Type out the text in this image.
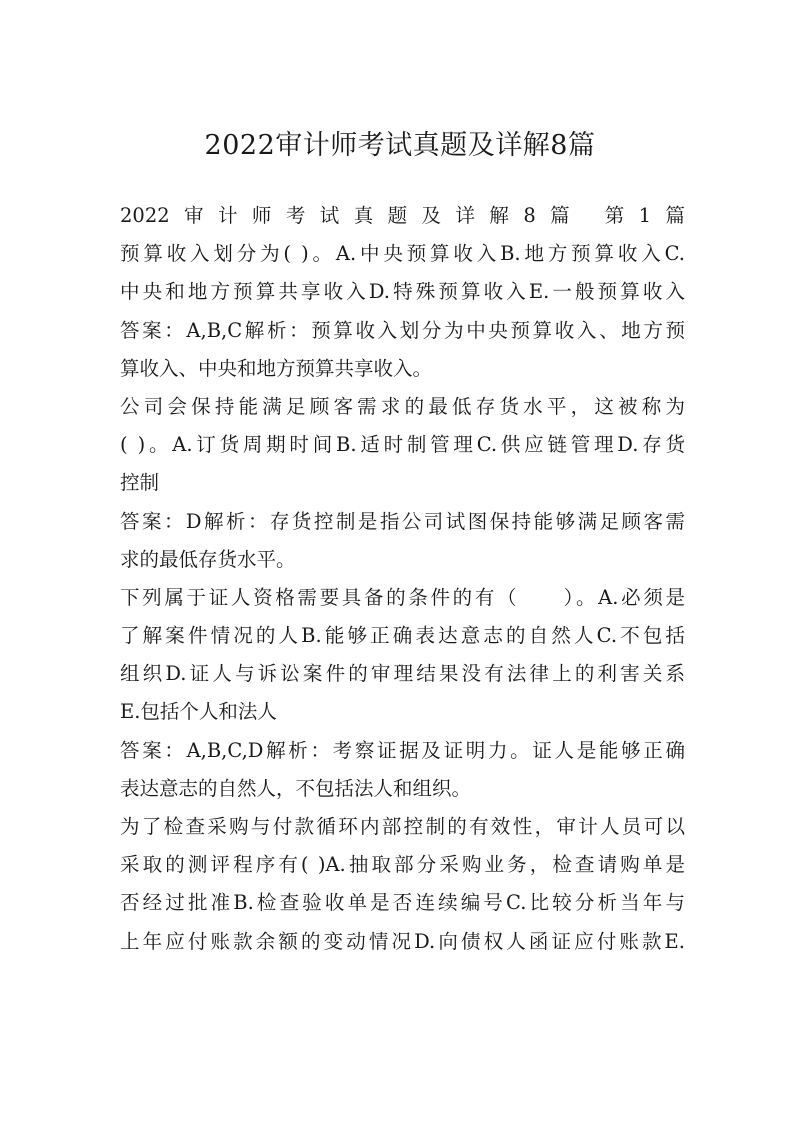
2022审计师考试真题及详解8篇
2022审计师考试真题及详解8篇 第1篇
预算收入划分为( )。A.中央预算收入B.地方预算收入C.
中央和地方预算共享收入D.特殊预算收入E.一般预算收入
答案：A,B,C解析：预算收入划分为中央预算收入、地方预
算收入、中央和地方预算共享收入。
公司会保持能满足顾客需求的最低存货水平，这被称为
( )。A.订货周期时间B.适时制管理C.供应链管理D.存货
控制
答案：D解析：存货控制是指公司试图保持能够满足顾客需
求的最低存货水平。
下列属于证人资格需要具备的条件的有（　　）。A.必须是
了解案件情况的人B.能够正确表达意志的自然人C.不包括
组织D.证人与诉讼案件的审理结果没有法律上的利害关系
E.包括个人和法人
答案：A,B,C,D解析：考察证据及证明力。证人是能够正确
表达意志的自然人，不包括法人和组织。
为了检查采购与付款循环内部控制的有效性，审计人员可以
采取的测评程序有( )A.抽取部分采购业务，检查请购单是
否经过批准B.检查验收单是否连续编号C.比较分析当年与
上年应付账款余额的变动情况D.向债权人函证应付账款E.
